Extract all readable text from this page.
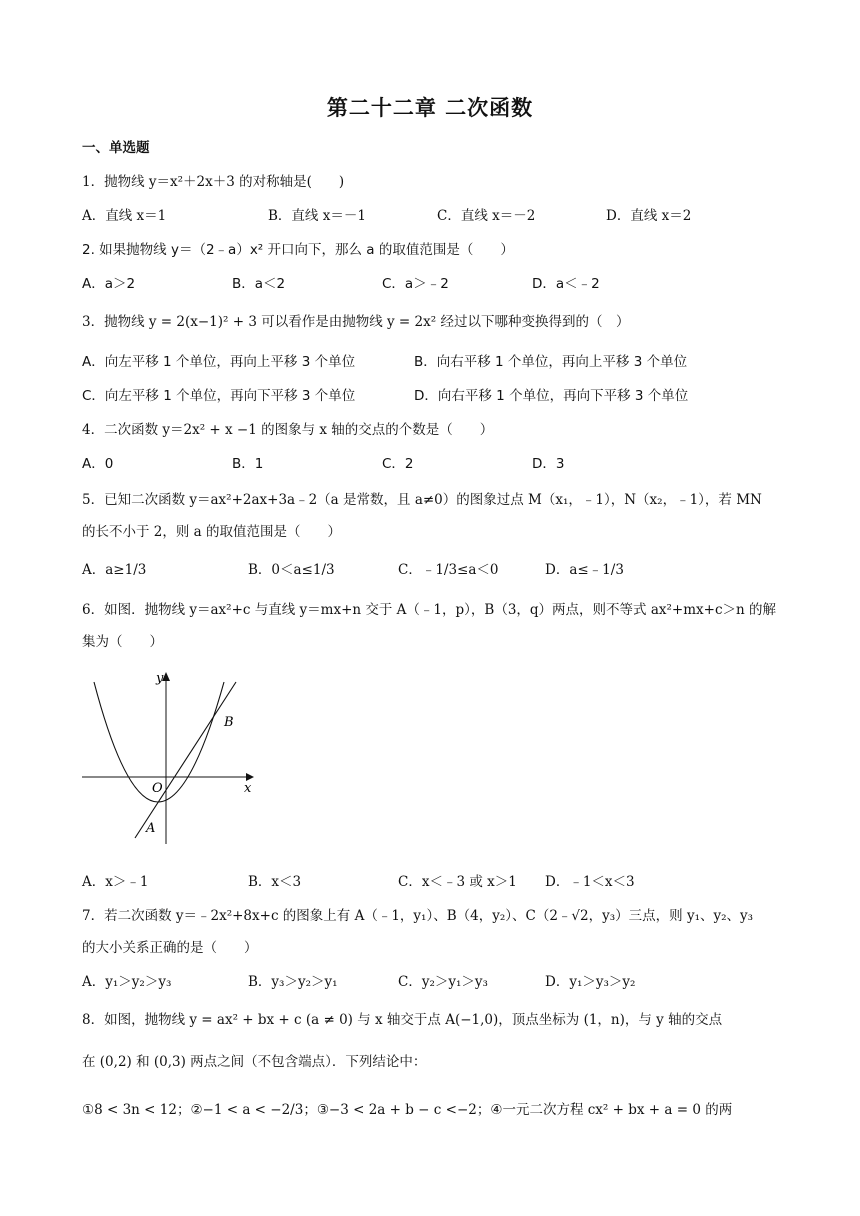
第二十二章 二次函数
一、单选题
1．抛物线 y＝x²＋2x＋3 的对称轴是(　　)
A．直线 x＝1	B．直线 x＝－1	C．直线 x＝－2	D．直线 x＝2
2. 如果抛物线 y＝（2﹣a）x² 开口向下，那么 a 的取值范围是（　　）
A．a＞2	B．a＜2	C．a＞﹣2	D．a＜﹣2
3．抛物线 y = 2(x−1)² + 3 可以看作是由抛物线 y = 2x² 经过以下哪种变换得到的（　）
A．向左平移 1 个单位，再向上平移 3 个单位	B．向右平移 1 个单位，再向上平移 3 个单位
C．向左平移 1 个单位，再向下平移 3 个单位	D．向右平移 1 个单位，再向下平移 3 个单位
4．二次函数 y＝2x² + x −1 的图象与 x 轴的交点的个数是（　　）
A．0	B．1	C．2	D．3
5．已知二次函数 y＝ax²+2ax+3a﹣2（a 是常数，且 a≠0）的图象过点 M（x₁，﹣1），N（x₂，﹣1），若 MN
的长不小于 2，则 a 的取值范围是（　　）
A．a≥1/3	B．0＜a≤1/3	C．﹣1/3≤a＜0	D．a≤﹣1/3
6．如图．抛物线 y＝ax²+c 与直线 y＝mx+n 交于 A（﹣1，p），B（3，q）两点，则不等式 ax²+mx+c＞n 的解
集为（　　）
y
x
O
A
B
A．x＞﹣1	B．x＜3	C．x＜﹣3 或 x＞1 D．﹣1＜x＜3
7．若二次函数 y＝﹣2x²+8x+c 的图象上有 A（﹣1，y₁）、B（4，y₂）、C（2﹣√2，y₃）三点，则 y₁、y₂、y₃
的大小关系正确的是（　　）
A．y₁＞y₂＞y₃	B．y₃＞y₂＞y₁	C．y₂＞y₁＞y₃	D．y₁＞y₃＞y₂
8．如图，抛物线 y = ax² + bx + c (a ≠ 0) 与 x 轴交于点 A(−1,0)，顶点坐标为 (1，n)，与 y 轴的交点
在 (0,2) 和 (0,3) 两点之间（不包含端点）．下列结论中：
①8 < 3n < 12；②−1 < a < −2/3；③−3 < 2a + b − c <−2；④一元二次方程 cx² + bx + a = 0 的两
